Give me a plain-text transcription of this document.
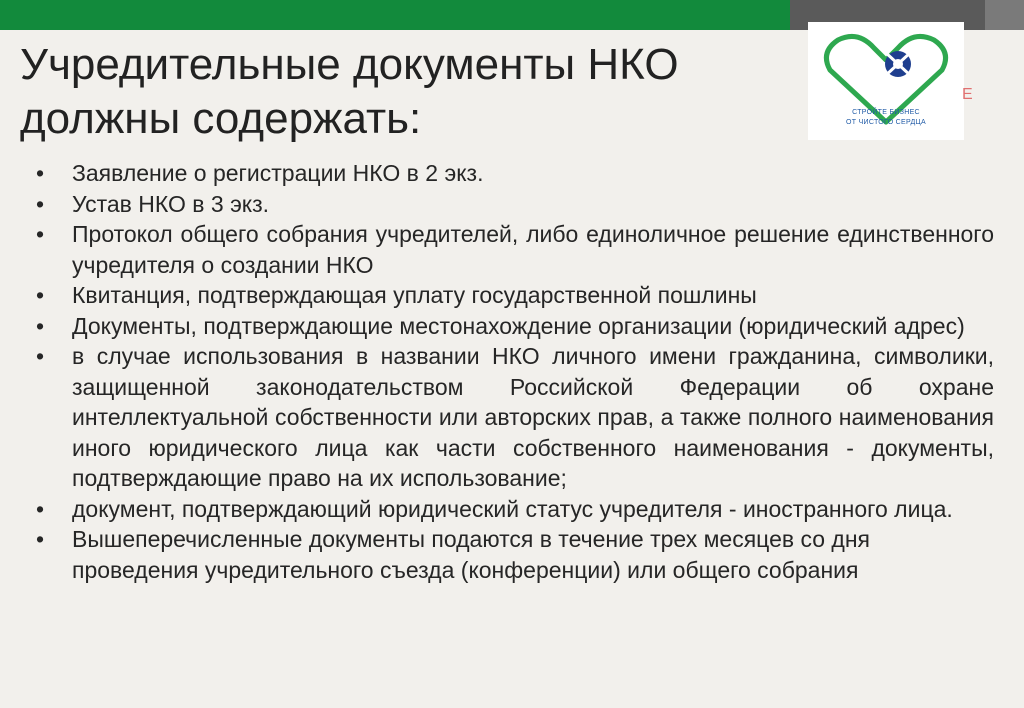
Учредительные документы НКО
должны содержать:	СТРОЙТЕ БИЗНЕС
ОТ ЧИСТОГО СЕРДЦА
E
•	Заявление о регистрации НКО в 2 экз.
•	Устав НКО в 3 экз.
•	Протокол общего собрания учредителей, либо единоличное решение единственного учредителя о создании НКО
•	Квитанция, подтверждающая уплату государственной пошлины
•	Документы, подтверждающие местонахождение организации (юридический адрес)
•	в случае использования в названии НКО личного имени гражданина, символики, защищенной законодательством Российской Федерации об охране интеллектуальной собственности или авторских прав, а также полного наименования иного юридического лица как части собственного наименования - документы, подтверждающие право на их использование;
•	документ, подтверждающий юридический статус учредителя - иностранного лица.
•	Вышеперечисленные документы подаются в течение трех месяцев со дня проведения учредительного съезда (конференции) или общего собрания
